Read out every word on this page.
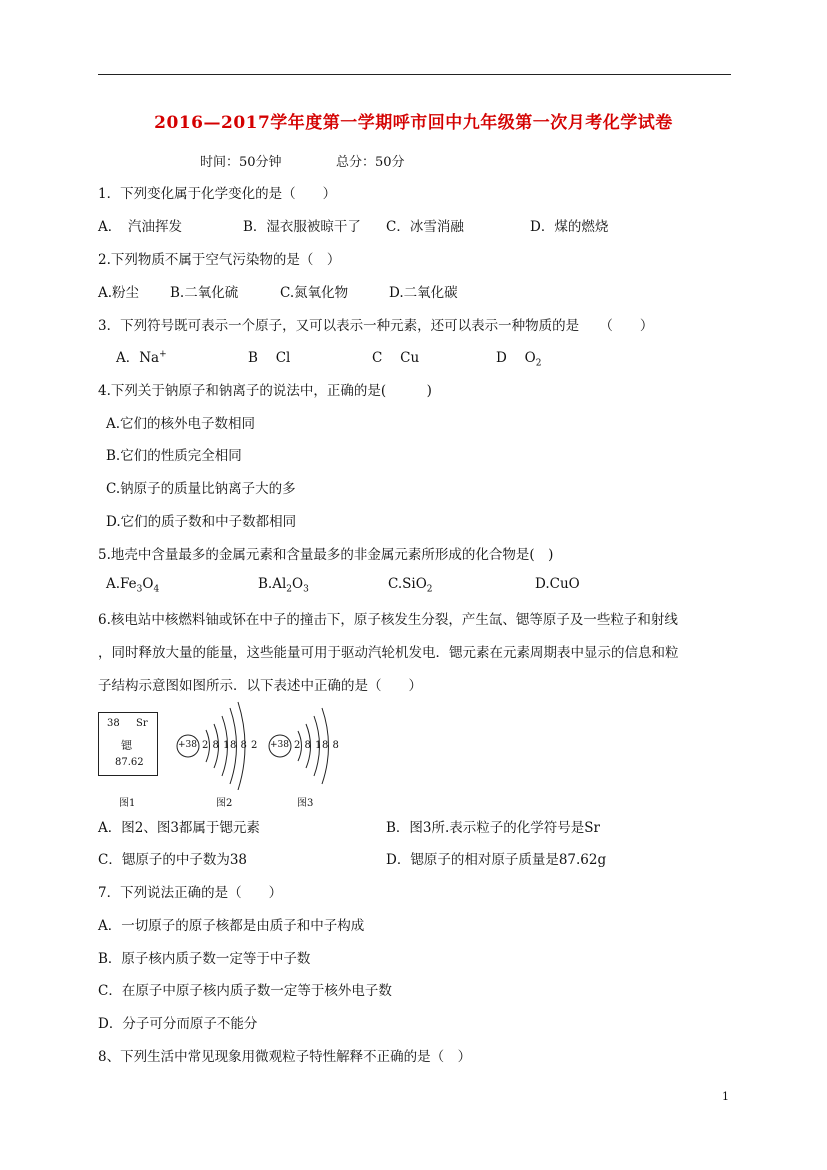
2016—2017学年度第一学期呼市回中九年级第一次月考化学试卷
时间：50分钟	总分：50分
1．下列变化属于化学变化的是（　　）
A．　汽油挥发	B．湿衣服被晾干了 C．冰雪消融	D．煤的燃烧
2.下列物质不属于空气污染物的是（　）
A.粉尘 B.二氧化硫	C.氮氧化物	D.二氧化碳
3．下列符号既可表示一个原子，又可以表示一种元素，还可以表示一种物质的是　　（　　）
A．Na+	B　 Cl	C　 Cu	D　 $O_2$
4.下列关于钠原子和钠离子的说法中，正确的是(　　　)
A.它们的核外电子数相同
B.它们的性质完全相同
C.钠原子的质量比钠离子大的多
D.它们的质子数和中子数都相同
5.地壳中含量最多的金属元素和含量最多的非金属元素所形成的化合物是(　)
$A.Fe_3O_4$	$B.Al_2O_3$	C.SiO$_2$	D.CuO
6.核电站中核燃料铀或钚在中子的撞击下，原子核发生分裂，产生氙、锶等原子及一些粒子和射线
，同时释放大量的能量，这些能量可用于驱动汽轮机发电．锶元素在元素周期表中显示的信息和粒
子结构示意图如图所示．以下表述中正确的是（　　）
38 Sr
锶
87.62
+38 2 8 18 8 2 +38 2 8 18 8
图1	图2	图3
A．图2、图3都属于锶元素	B．图3所.表示粒子的化学符号是Sr
C．锶原子的中子数为38	D．锶原子的相对原子质量是87.62g
7．下列说法正确的是（　　）
A．一切原子的原子核都是由质子和中子构成
B．原子核内质子数一定等于中子数
C．在原子中原子核内质子数一定等于核外电子数
D．分子可分而原子不能分
8、下列生活中常见现象用微观粒子特性解释不正确的是（　）
1
